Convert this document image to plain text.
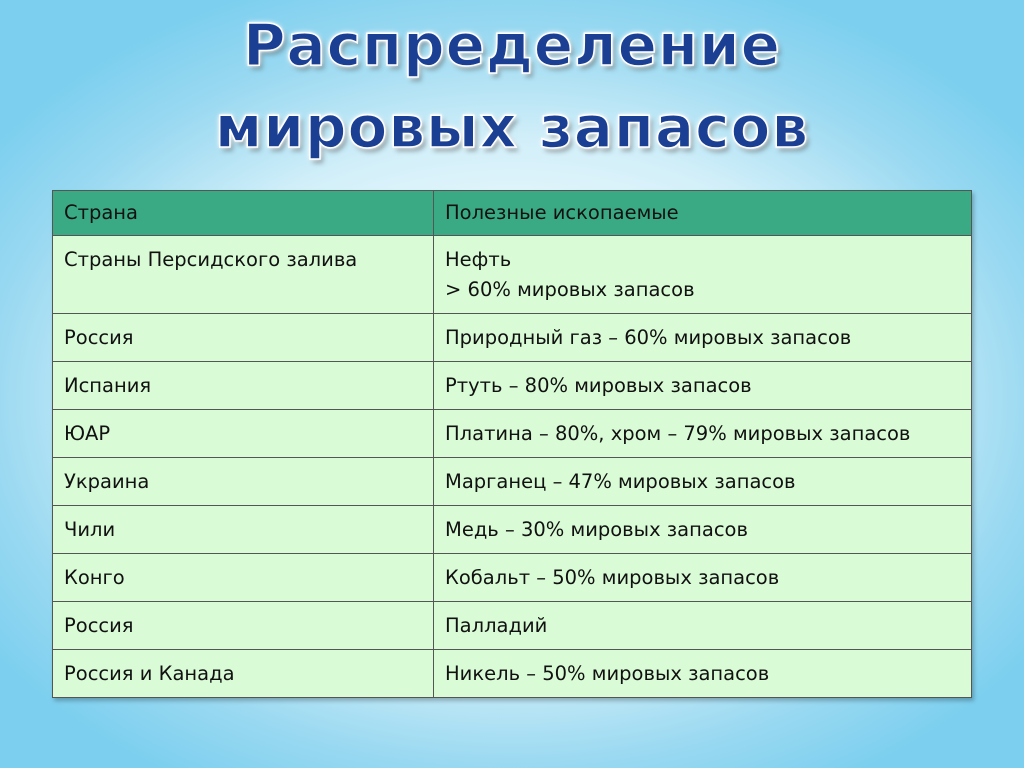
Распределение
мировых запасов
Страна	Полезные ископаемые
Страны Персидского залива	Нефть
> 60% мировых запасов
Россия	Природный газ – 60% мировых запасов
Испания	Ртуть – 80% мировых запасов
ЮАР	Платина – 80%, хром – 79% мировых запасов
Украина	Марганец – 47% мировых запасов
Чили	Медь – 30% мировых запасов
Конго	Кобальт – 50% мировых запасов
Россия	Палладий
Россия и Канада	Никель – 50% мировых запасов
